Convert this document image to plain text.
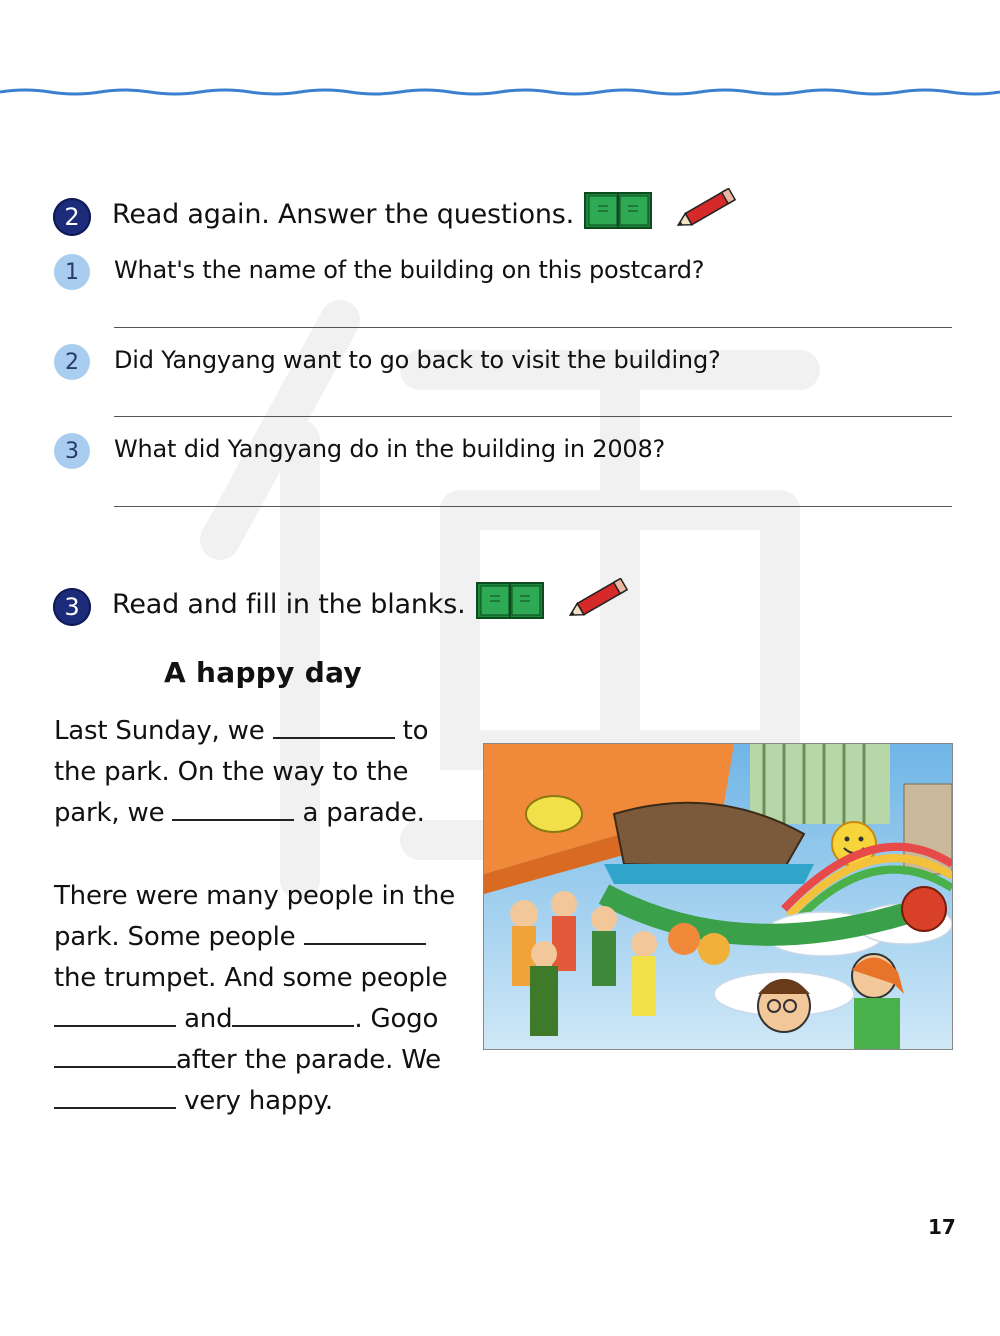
2 Read again. Answer the questions.
1 What's the name of the building on this postcard?
2 Did Yangyang want to go back to visit the building?
3 What did Yangyang do in the building in 2008?
3 Read and fill in the blanks.
A happy day
Last Sunday, we	to
the park. On the way to the
park, we	a parade.
There were many people in the
park. Some people
the trumpet. And some people
and	. Gogo
after the parade. We
very happy.
17
